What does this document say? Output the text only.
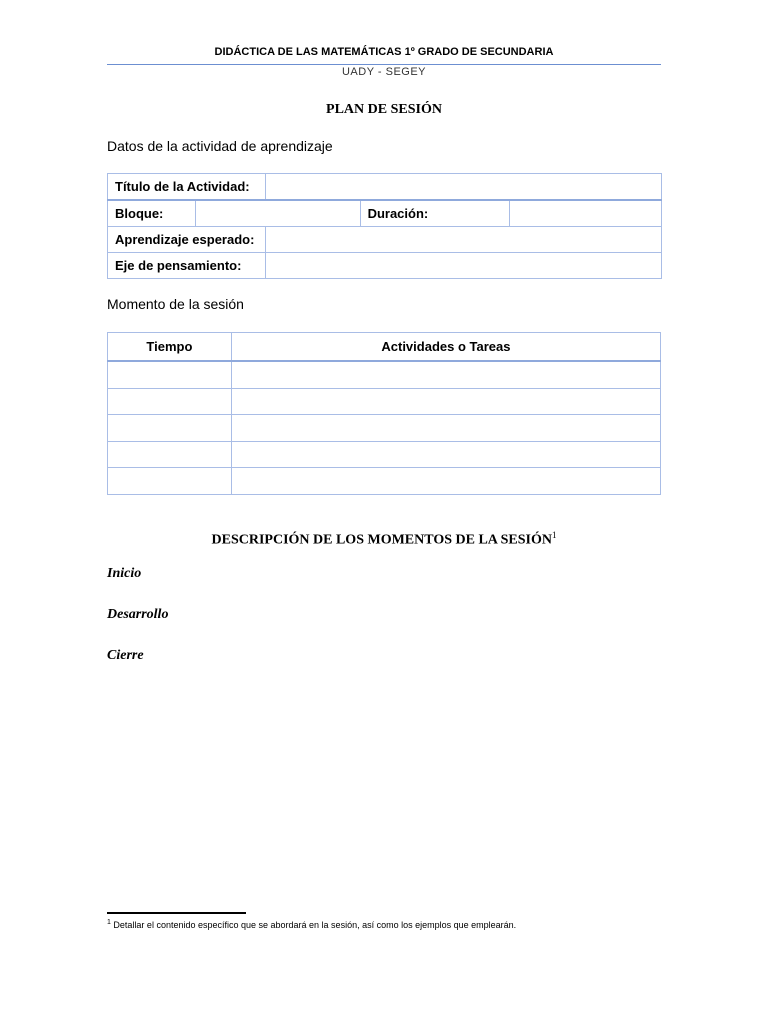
DIDÁCTICA DE LAS MATEMÁTICAS 1º GRADO DE SECUNDARIA
UADY - SEGEY
PLAN DE SESIÓN
Datos de la actividad de aprendizaje
Título de la Actividad:				
Bloque:			Duración:	
Aprendizaje esperado:				
Eje de pensamiento:				
Momento de la sesión
Tiempo	Actividades o Tareas

DESCRIPCIÓN DE LOS MOMENTOS DE LA SESIÓN$^1$
Inicio
Desarrollo
Cierre
$^1$ Detallar el contenido específico que se abordará en la sesión, así como los ejemplos que emplearán.
